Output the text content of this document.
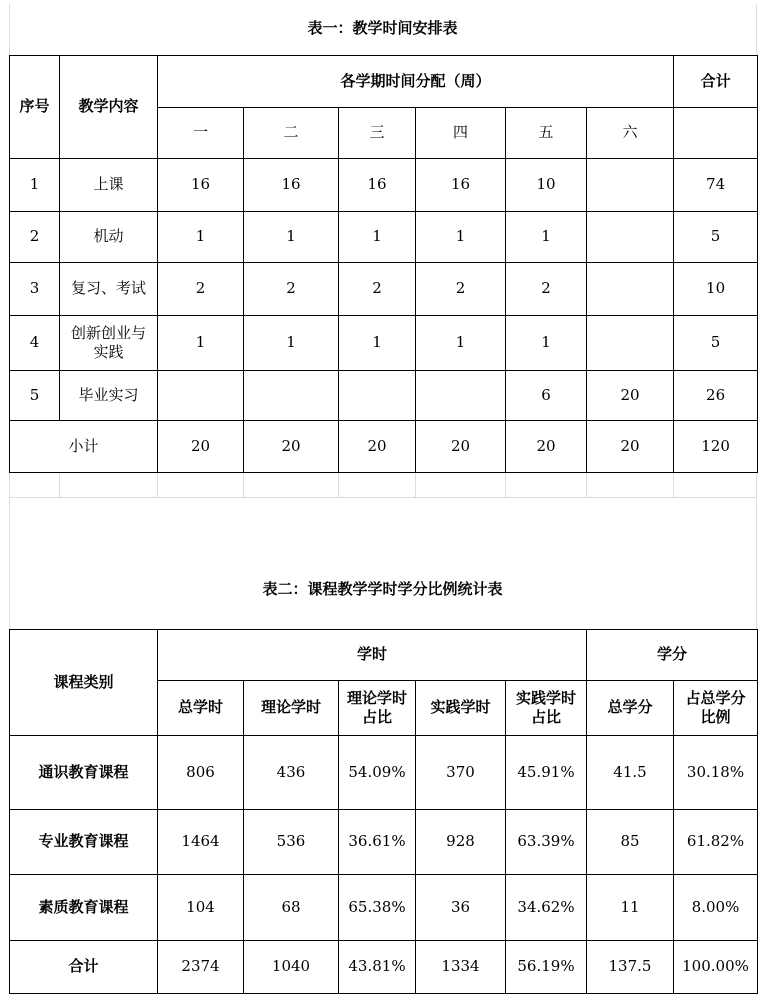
表一：教学时间安排表
序号	教学内容	各学期时间分配（周）						合计
		一	二	三	四	五	六	
1	上课	16	16	16	16	10		74
2	机动	1	1	1	1	1		5
3	复习、考试	2	2	2	2	2		10
4	创新创业与实践	1	1	1	1	1		5
5	毕业实习					6	20	26
小计		20	20	20	20	20	20	120
表二：课程教学学时学分比例统计表
课程类别	学时					学分	
	总学时	理论学时	理论学时占比	实践学时	实践学时占比	总学分	占总学分比例
通识教育课程	806	436	54.09%	370	45.91%	41.5	30.18%
专业教育课程	1464	536	36.61%	928	63.39%	85	61.82%
素质教育课程	104	68	65.38%	36	34.62%	11	8.00%
合计	2374	1040	43.81%	1334	56.19%	137.5	100.00%
